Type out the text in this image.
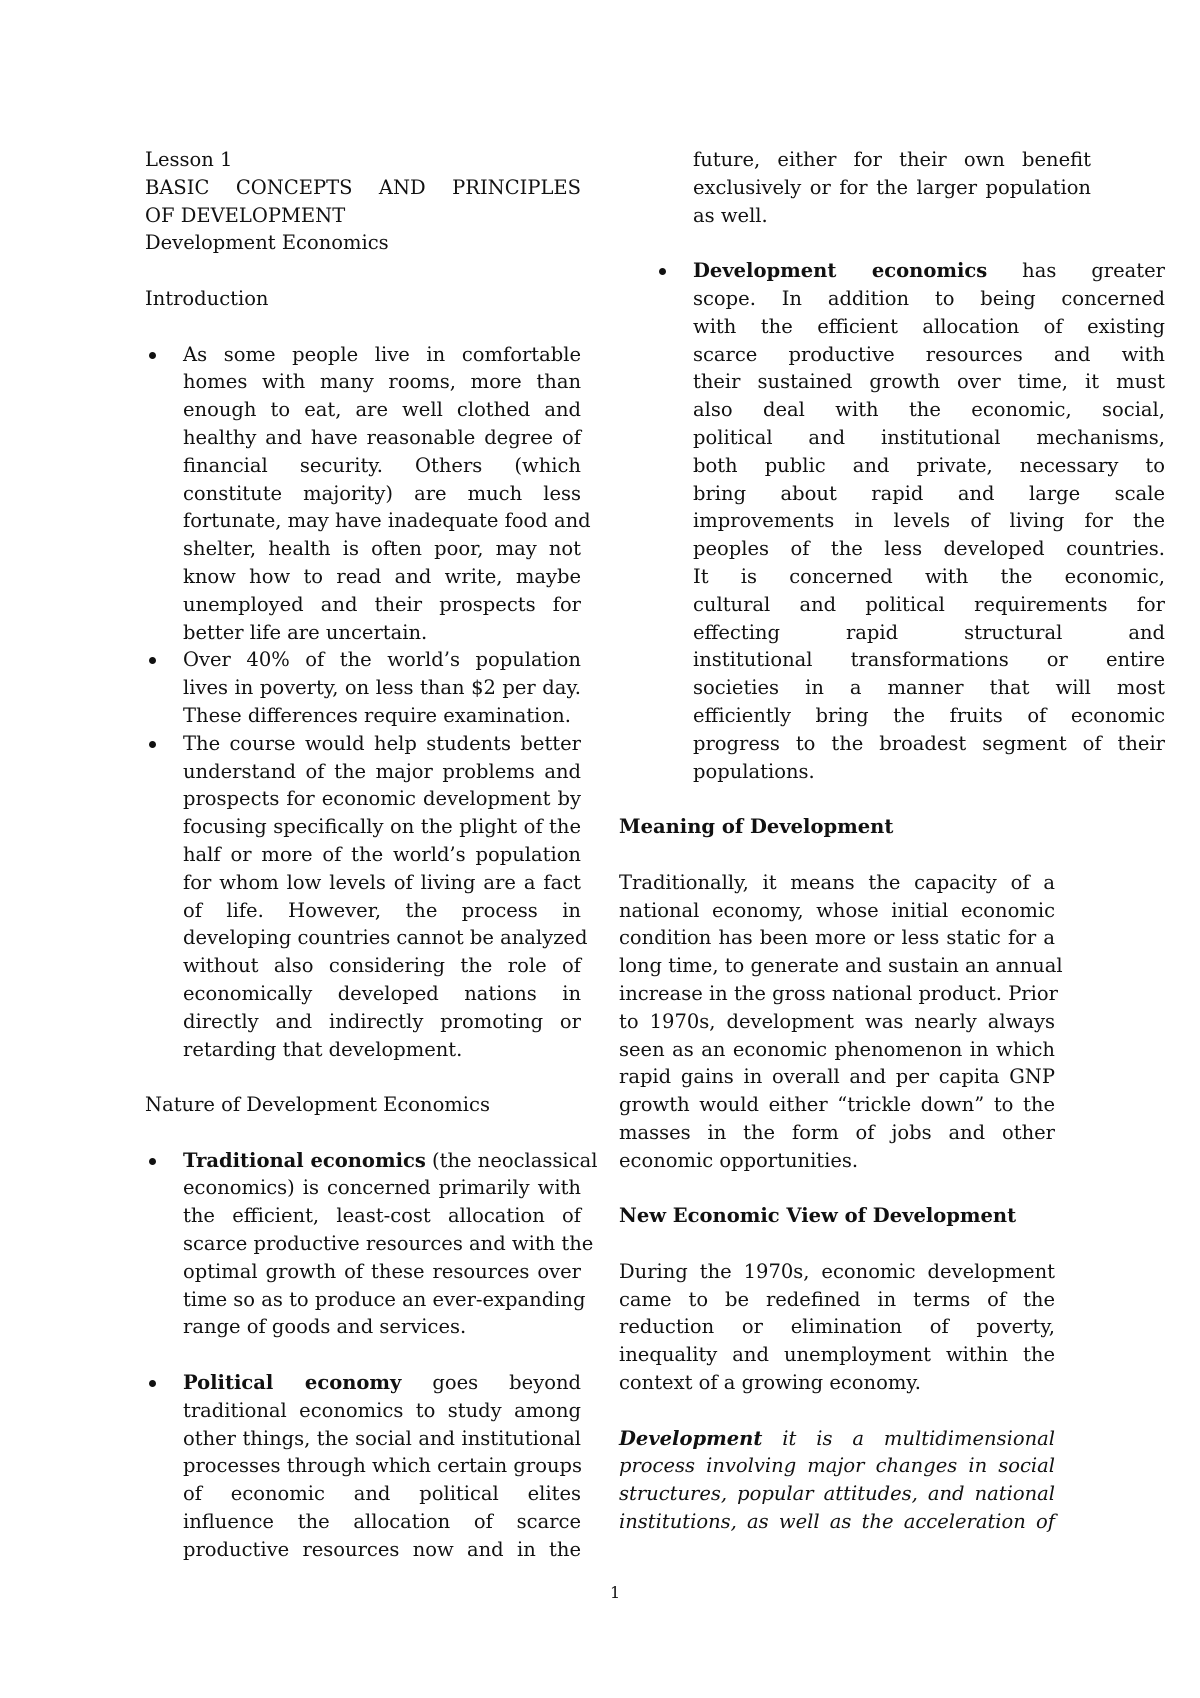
Lesson 1
BASIC CONCEPTS AND PRINCIPLES
OF DEVELOPMENT
Development Economics
Introduction
As some people live in comfortable
homes with many rooms, more than
enough to eat, are well clothed and
healthy and have reasonable degree of
financial security. Others (which
constitute majority) are much less
fortunate, may have inadequate food and
shelter, health is often poor, may not
know how to read and write, maybe
unemployed and their prospects for
better life are uncertain.
Over 40% of the world’s population
lives in poverty, on less than $2 per day.
These differences require examination.
The course would help students better
understand of the major problems and
prospects for economic development by
focusing specifically on the plight of the
half or more of the world’s population
for whom low levels of living are a fact
of life. However, the process in
developing countries cannot be analyzed
without also considering the role of
economically developed nations in
directly and indirectly promoting or
retarding that development.
Nature of Development Economics
Traditional economics (the neoclassical
economics) is concerned primarily with
the efficient, least-cost allocation of
scarce productive resources and with the
optimal growth of these resources over
time so as to produce an ever-expanding
range of goods and services.
Political economy goes beyond
traditional economics to study among
other things, the social and institutional
processes through which certain groups
of economic and political elites
influence the allocation of scarce
productive resources now and in the
future, either for their own benefit
exclusively or for the larger population
as well.
Development economics has greater
scope. In addition to being concerned
with the efficient allocation of existing
scarce productive resources and with
their sustained growth over time, it must
also deal with the economic, social,
political and institutional mechanisms,
both public and private, necessary to
bring about rapid and large scale
improvements in levels of living for the
peoples of the less developed countries.
It is concerned with the economic,
cultural and political requirements for
effecting rapid structural and
institutional transformations or entire
societies in a manner that will most
efficiently bring the fruits of economic
progress to the broadest segment of their
populations.
Meaning of Development
Traditionally, it means the capacity of a
national economy, whose initial economic
condition has been more or less static for a
long time, to generate and sustain an annual
increase in the gross national product. Prior
to 1970s, development was nearly always
seen as an economic phenomenon in which
rapid gains in overall and per capita GNP
growth would either “trickle down” to the
masses in the form of jobs and other
economic opportunities.
New Economic View of Development
During the 1970s, economic development
came to be redefined in terms of the
reduction or elimination of poverty,
inequality and unemployment within the
context of a growing economy.
Development it is a multidimensional
process involving major changes in social
structures, popular attitudes, and national
institutions, as well as the acceleration of
1
